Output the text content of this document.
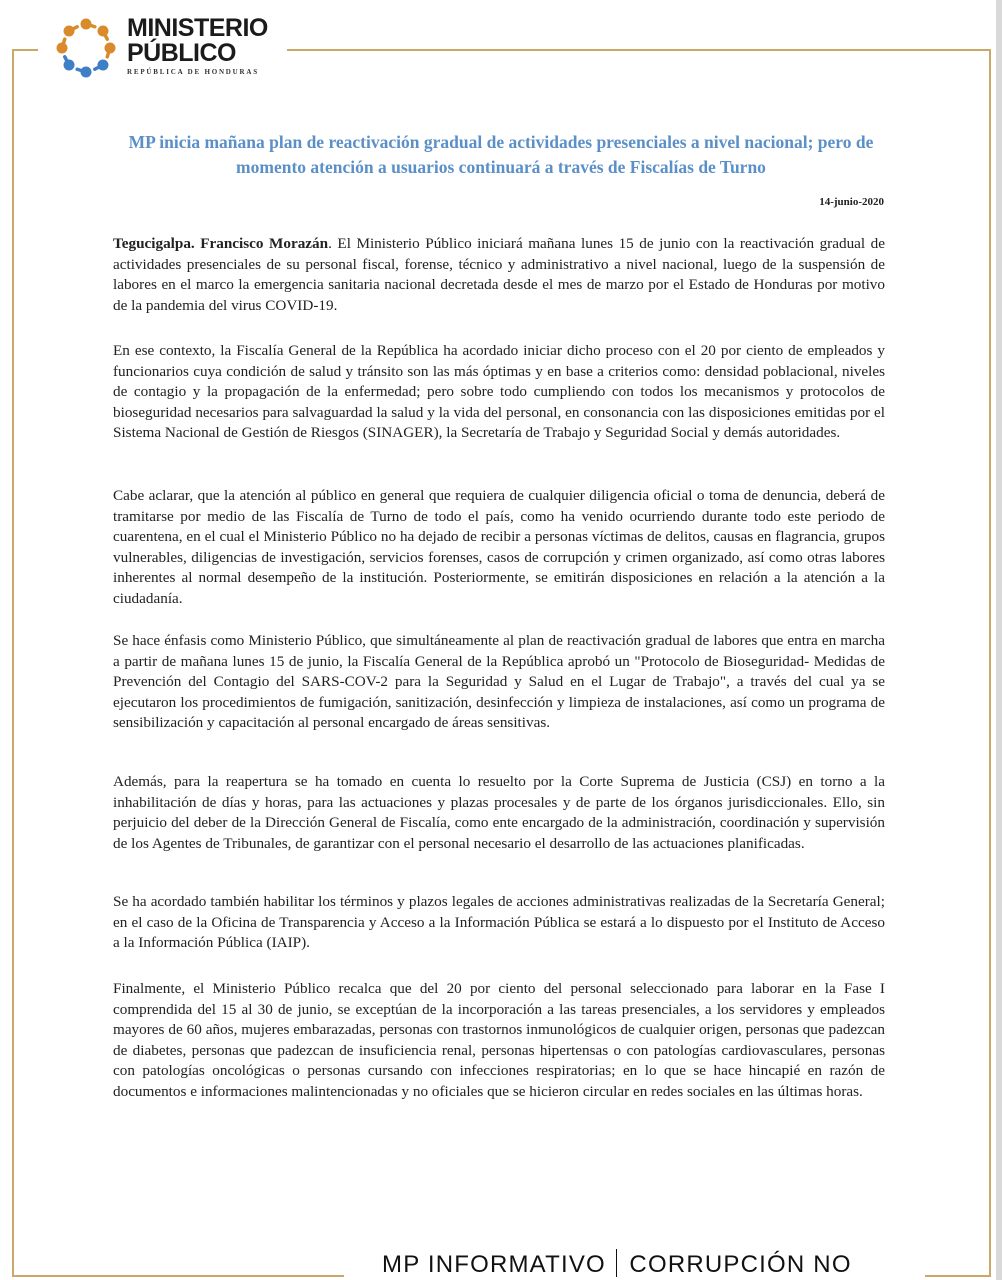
MINISTERIO
PÚBLICO
REPÚBLICA DE HONDURAS
MP inicia mañana plan de reactivación gradual de actividades presenciales a nivel nacional; pero de momento atención a usuarios continuará a través de Fiscalías de Turno
14-junio-2020
Tegucigalpa. Francisco Morazán. El Ministerio Público iniciará mañana lunes 15 de junio con la reactivación gradual de actividades presenciales de su personal fiscal, forense, técnico y administrativo a nivel nacional, luego de la suspensión de labores en el marco la emergencia sanitaria nacional decretada desde el mes de marzo por el Estado de Honduras por motivo de la pandemia del virus COVID-19.
En ese contexto, la Fiscalía General de la República ha acordado iniciar dicho proceso con el 20 por ciento de empleados y funcionarios cuya condición de salud y tránsito son las más óptimas y en base a criterios como: densidad poblacional, niveles de contagio y la propagación de la enfermedad; pero sobre todo cumpliendo con todos los mecanismos y protocolos de bioseguridad necesarios para salvaguardad la salud y la vida del personal, en consonancia con las disposiciones emitidas por el Sistema Nacional de Gestión de Riesgos (SINAGER), la Secretaría de Trabajo y Seguridad Social y demás autoridades.
Cabe aclarar, que la atención al público en general que requiera de cualquier diligencia oficial o toma de denuncia, deberá de tramitarse por medio de las Fiscalía de Turno de todo el país, como ha venido ocurriendo durante todo este periodo de cuarentena, en el cual el Ministerio Público no ha dejado de recibir a personas víctimas de delitos, causas en flagrancia, grupos vulnerables, diligencias de investigación, servicios forenses, casos de corrupción y crimen organizado, así como otras labores inherentes al normal desempeño de la institución. Posteriormente, se emitirán disposiciones en relación a la atención a la ciudadanía.
Se hace énfasis como Ministerio Público, que simultáneamente al plan de reactivación gradual de labores que entra en marcha a partir de mañana lunes 15 de junio, la Fiscalía General de la República aprobó un "Protocolo de Bioseguridad- Medidas de Prevención del Contagio del SARS-COV-2 para la Seguridad y Salud en el Lugar de Trabajo", a través del cual ya se ejecutaron los procedimientos de fumigación, sanitización, desinfección y limpieza de instalaciones, así como un programa de sensibilización y capacitación al personal encargado de áreas sensitivas.
Además, para la reapertura se ha tomado en cuenta lo resuelto por la Corte Suprema de Justicia (CSJ) en torno a la inhabilitación de días y horas, para las actuaciones y plazas procesales y de parte de los órganos jurisdiccionales. Ello, sin perjuicio del deber de la Dirección General de Fiscalía, como ente encargado de la administración, coordinación y supervisión de los Agentes de Tribunales, de garantizar con el personal necesario el desarrollo de las actuaciones planificadas.
Se ha acordado también habilitar los términos y plazos legales de acciones administrativas realizadas de la Secretaría General; en el caso de la Oficina de Transparencia y Acceso a la Información Pública se estará a lo dispuesto por el Instituto de Acceso a la Información Pública (IAIP).
Finalmente, el Ministerio Público recalca que del 20 por ciento del personal seleccionado para laborar en la Fase I comprendida del 15 al 30 de junio, se exceptúan de la incorporación a las tareas presenciales, a los servidores y empleados mayores de 60 años, mujeres embarazadas, personas con trastornos inmunológicos de cualquier origen, personas que padezcan de diabetes, personas que padezcan de insuficiencia renal, personas hipertensas o con patologías cardiovasculares, personas con patologías oncológicas o personas cursando con infecciones respiratorias; en lo que se hace hincapié en razón de documentos e informaciones malintencionadas y no oficiales que se hicieron circular en redes sociales en las últimas horas.
MP INFORMATIVO CORRUPCIÓN NO
